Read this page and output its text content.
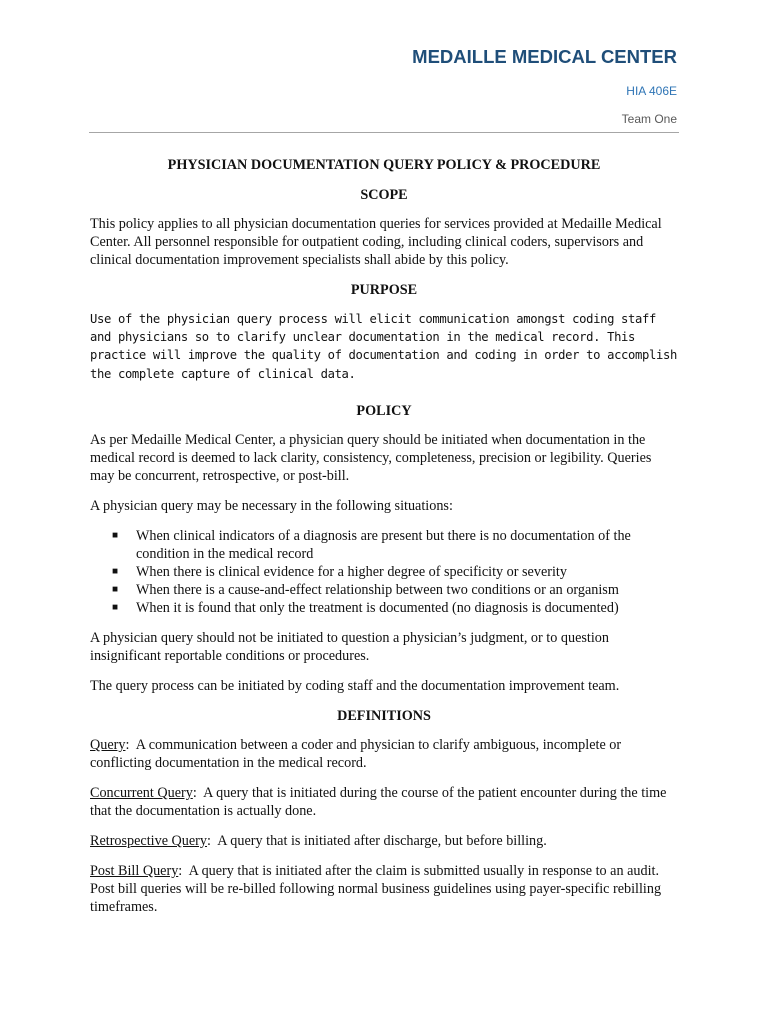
MEDAILLE MEDICAL CENTER
HIA 406E
Team One
PHYSICIAN DOCUMENTATION QUERY POLICY & PROCEDURE
SCOPE

This policy applies to all physician documentation queries for services provided at Medaille Medical Center. All personnel responsible for outpatient coding, including clinical coders, supervisors and clinical documentation improvement specialists shall abide by this policy.

PURPOSE

Use of the physician query process will elicit communication amongst coding staff and physicians so to clarify unclear documentation in the medical record. This practice will improve the quality of documentation and coding in order to accomplish the complete capture of clinical data.

POLICY

As per Medaille Medical Center, a physician query should be initiated when documentation in the medical record is deemed to lack clarity, consistency, completeness, precision or legibility. Queries may be concurrent, retrospective, or post-bill.

A physician query may be necessary in the following situations:

■ When clinical indicators of a diagnosis are present but there is no documentation of the condition in the medical record
■ When there is clinical evidence for a higher degree of specificity or severity
■ When there is a cause-and-effect relationship between two conditions or an organism
■ When it is found that only the treatment is documented (no diagnosis is documented)

A physician query should not be initiated to question a physician’s judgment, or to question insignificant reportable conditions or procedures.

The query process can be initiated by coding staff and the documentation improvement team.

DEFINITIONS

Query:  A communication between a coder and physician to clarify ambiguous, incomplete or conflicting documentation in the medical record.

Concurrent Query:  A query that is initiated during the course of the patient encounter during the time that the documentation is actually done.

Retrospective Query:  A query that is initiated after discharge, but before billing.

Post Bill Query:  A query that is initiated after the claim is submitted usually in response to an audit. Post bill queries will be re-billed following normal business guidelines using payer-specific rebilling timeframes.
